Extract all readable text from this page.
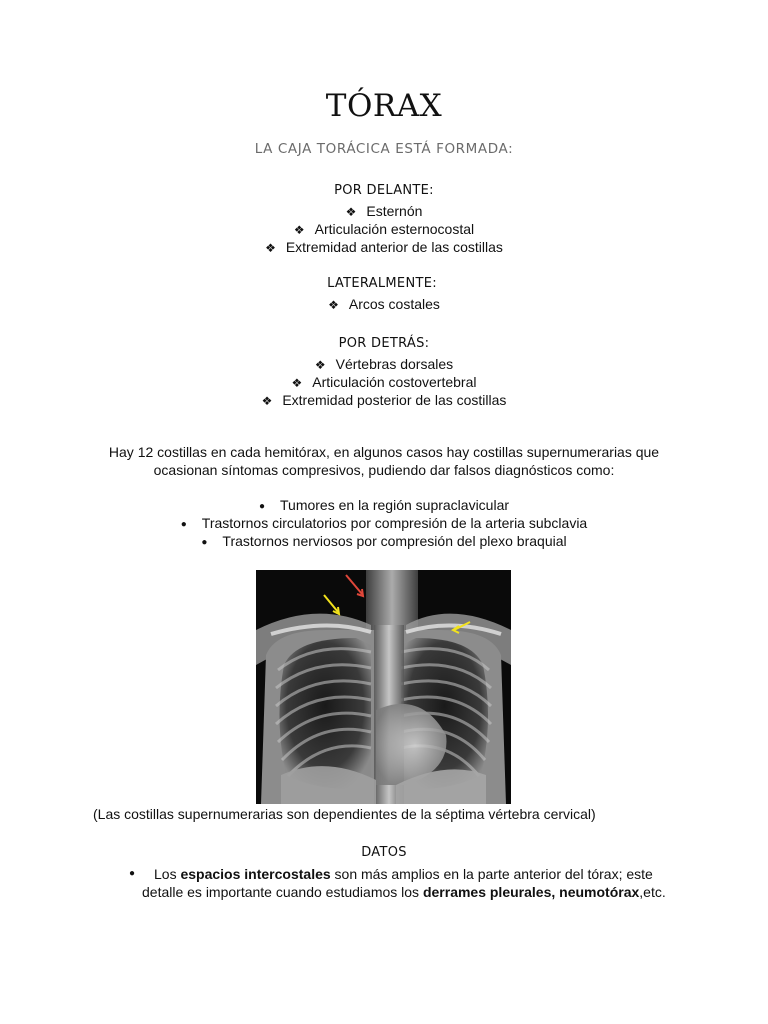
TÓRAX
LA CAJA TORÁCICA ESTÁ FORMADA:
POR DELANTE:
❖ Esternón
❖ Articulación esternocostal
❖ Extremidad anterior de las costillas
LATERALMENTE:
❖ Arcos costales
POR DETRÁS:
❖ Vértebras dorsales
❖ Articulación costovertebral
❖ Extremidad posterior de las costillas
Hay 12 costillas en cada hemitórax, en algunos casos hay costillas supernumerarias que
ocasionan síntomas compresivos, pudiendo dar falsos diagnósticos como:
● Tumores en la región supraclavicular
● Trastornos circulatorios por compresión de la arteria subclavia
● Trastornos nerviosos por compresión del plexo braquial
(Las costillas supernumerarias son dependientes de la séptima vértebra cervical)
DATOS
● Los espacios intercostales son más amplios en la parte anterior del tórax; este
detalle es importante cuando estudiamos los derrames pleurales, neumotórax,etc.
